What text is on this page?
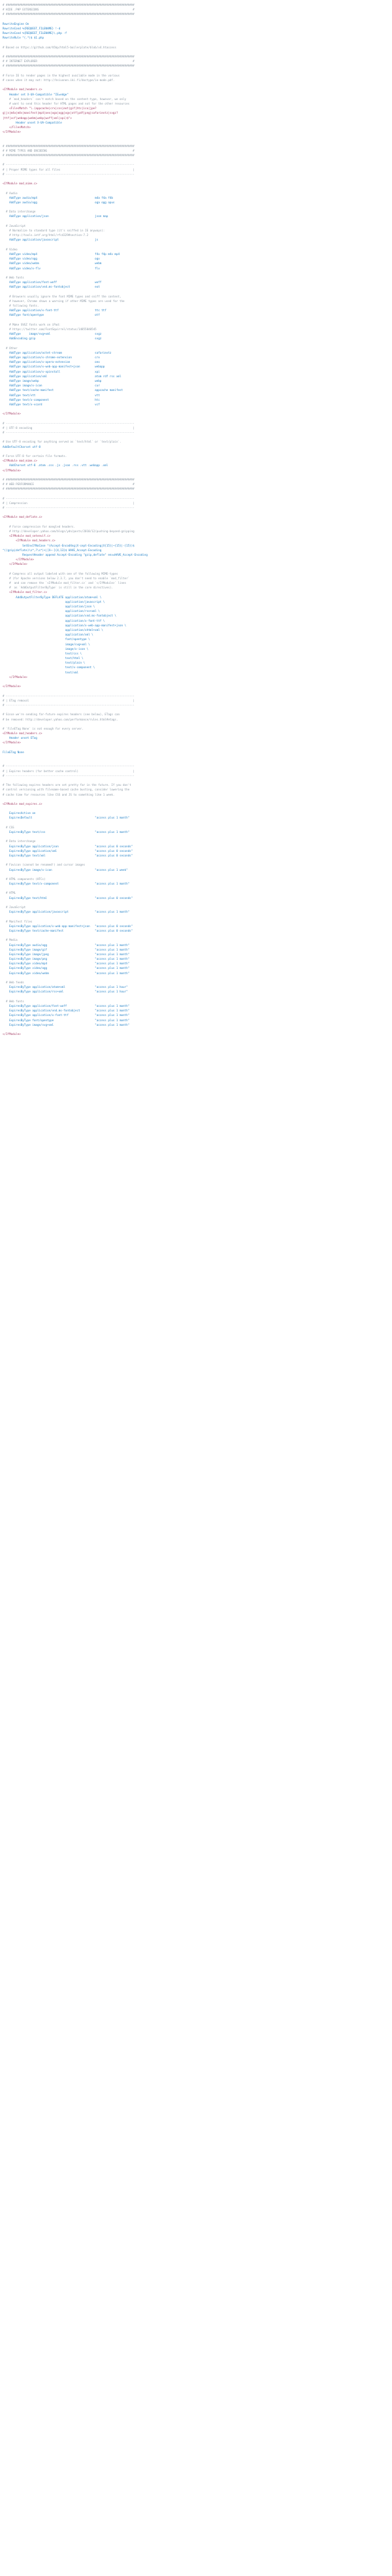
# ##############################################################################
# HIDE .PHP EXTENSIONS                                                         #
# ##############################################################################
RewriteEngine On
RewriteCond %{REQUEST_FILENAME} !-d
RewriteCond %{REQUEST_FILENAME}\.php -f
RewriteRule ^(.*)$ $1.php
# Based on https://github.com/h5bp/html5-boilerplate/blob/v4.htaccess
# ##############################################################################
# # INTERNET EXPLORER                                                          #
# ##############################################################################
# Force IE to render pages in the highest available mode in the various
# cases when it may not: http://hsivonen.iki.fi/doctype/ie-mode.pdf.
<IfModule mod_headers.c>
Header set X-UA-Compatible "IE=edge"
# `mod_headers` can't match based on the content-type, however, we only
# want to send this header for HTML pages and not for the other resources
<FilesMatch "\.(appcache|crx|css|eot|gif|htc|ico|jpe?
g|js|m4a|m4v|manifest|mp4|oex|oga|ogg|ogv|otf|pdf|png|safariextz|svgz?
|ttf|vcf|webapp|webm|webp|woff|xml|xpi)$">
Header unset X-UA-Compatible
</FilesMatch>
</IfModule>
# ##############################################################################
# # MIME TYPES AND ENCODING                                                    #
# ##############################################################################
# ------------------------------------------------------------------------------
# | Proper MIME types for all files                                            |
# ------------------------------------------------------------------------------
<IfModule mod_mime.c>
# Audio
AddType audio/mp4                                   m4a f4a f4b
AddType audio/ogg                                   oga ogg opus
# Data interchange
AddType application/json                            json map
# JavaScript
# Normalize to standard type (it's sniffed in IE anyways):
# http://tools.ietf.org/html/rfc4329#section-7.2
AddType application/javascript                      js
# Video
AddType video/mp4                                   f4v f4p m4v mp4
AddType video/ogg                                   ogv
AddType video/webm                                  webm
AddType video/x-flv                                 flv
# Web fonts
AddType application/font-woff                       woff
AddType application/vnd.ms-fontobject               eot
# Browsers usually ignore the font MIME types and sniff the content,
# however, Chrome shows a warning if other MIME types are used for the
# following fonts.
AddType application/x-font-ttf                      ttc ttf
AddType font/opentype                               otf
# Make SVGZ fonts work on iPad:
# https://twitter.com/FontSquirrel/status/14855840545
AddType     image/svg+xml                           svgz
AddEncoding gzip                                    svgz
# Other
AddType application/octet-stream                    safariextz
AddType application/x-chrome-extension              crx
AddType application/x-opera-extension               oex
AddType application/x-web-app-manifest+json         webapp
AddType application/x-xpinstall                     xpi
AddType application/xml                             atom rdf rss xml
AddType image/webp                                  webp
AddType image/x-icon                                cur
AddType text/cache-manifest                         appcache manifest
AddType text/vtt                                    vtt
AddType text/x-component                            htc
AddType text/x-vcard                                vcf
</IfModule>
# ------------------------------------------------------------------------------
# | UTF-8 encoding                                                             |
# ------------------------------------------------------------------------------
# Use UTF-8 encoding for anything served as `text/html` or `text/plain`.
AddDefaultCharset utf-8
# Force UTF-8 for certain file formats.
<IfModule mod_mime.c>
AddCharset utf-8 .atom .css .js .json .rss .vtt .webapp .xml
</IfModule>
# ##############################################################################
# # WEB PERFORMANCE                                                            #
# ##############################################################################
# ------------------------------------------------------------------------------
# | Compression                                                                |
# ------------------------------------------------------------------------------
<IfModule mod_deflate.c>
# Force compression for mangled headers.
# http://developer.yahoo.com/blogs/ydn/posts/2010/12/pushing-beyond-gzipping
<IfModule mod_setenvif.c>
<IfModule mod_headers.c>
SetEnvIfNoCase ^(Accept-EncodXng|X-cept-Encoding|X{15}|~{15}|-{15})$
^((gzip|deflate)\s*,?\s*)+|[X~-]{4,13}$ HAVE_Accept-Encoding
RequestHeader append Accept-Encoding "gzip,deflate" env=HAVE_Accept-Encoding
</IfModule>
</IfModule>
# Compress all output labeled with one of the following MIME-types
# (for Apache versions below 2.3.7, you don't need to enable `mod_filter`
#  and can remove the `<IfModule mod_filter.c>` and `</IfModule>` lines
#  as `AddOutputFilterByType` is still in the core directives).
<IfModule mod_filter.c>
AddOutputFilterByType DEFLATE application/atom+xml \
application/javascript \
application/json \
application/rss+xml \
application/vnd.ms-fontobject \
application/x-font-ttf \
application/x-web-app-manifest+json \
application/xhtml+xml \
application/xml \
font/opentype \
image/svg+xml \
image/x-icon \
text/css \
text/html \
text/plain \
text/x-component \
text/xml
</IfModule>
</IfModule>
# ------------------------------------------------------------------------------
# | ETag removal                                                               |
# ------------------------------------------------------------------------------
# Since we're sending far-future expires headers (see below), ETags can
# be removed: http://developer.yahoo.com/performance/rules.html#etags.
# `FileETag None` is not enough for every server.
<IfModule mod_headers.c>
Header unset ETag
</IfModule>
FileETag None
# ------------------------------------------------------------------------------
# | Expires headers (for better cache control)                                 |
# ------------------------------------------------------------------------------
# The following expires headers are set pretty far in the future. If you don't
# control versioning with filename-based cache busting, consider lowering the
# cache time for resources like CSS and JS to something like 1 week.
<IfModule mod_expires.c>
ExpiresActive on
ExpiresDefault                                      "access plus 1 month"
# CSS
ExpiresByType text/css                              "access plus 1 month"
# Data interchange
ExpiresByType application/json                      "access plus 0 seconds"
ExpiresByType application/xml                       "access plus 0 seconds"
ExpiresByType text/xml                              "access plus 0 seconds"
# Favicon (cannot be renamed!) and cursor images
ExpiresByType image/x-icon                          "access plus 1 week"
# HTML components (HTCs)
ExpiresByType text/x-component                      "access plus 1 month"
# HTML
ExpiresByType text/html                             "access plus 0 seconds"
# JavaScript
ExpiresByType application/javascript                "access plus 1 month"
# Manifest files
ExpiresByType application/x-web-app-manifest+json   "access plus 0 seconds"
ExpiresByType text/cache-manifest                   "access plus 0 seconds"
# Media
ExpiresByType audio/ogg                             "access plus 1 month"
ExpiresByType image/gif                             "access plus 1 month"
ExpiresByType image/jpeg                            "access plus 1 month"
ExpiresByType image/png                             "access plus 1 month"
ExpiresByType video/mp4                             "access plus 1 month"
ExpiresByType video/ogg                             "access plus 1 month"
ExpiresByType video/webm                            "access plus 1 month"
# Web feeds
ExpiresByType application/atom+xml                  "access plus 1 hour"
ExpiresByType application/rss+xml                   "access plus 1 hour"
# Web fonts
ExpiresByType application/font-woff                 "access plus 1 month"
ExpiresByType application/vnd.ms-fontobject         "access plus 1 month"
ExpiresByType application/x-font-ttf                "access plus 1 month"
ExpiresByType font/opentype                         "access plus 1 month"
ExpiresByType image/svg+xml                         "access plus 1 month"
</IfModule>
